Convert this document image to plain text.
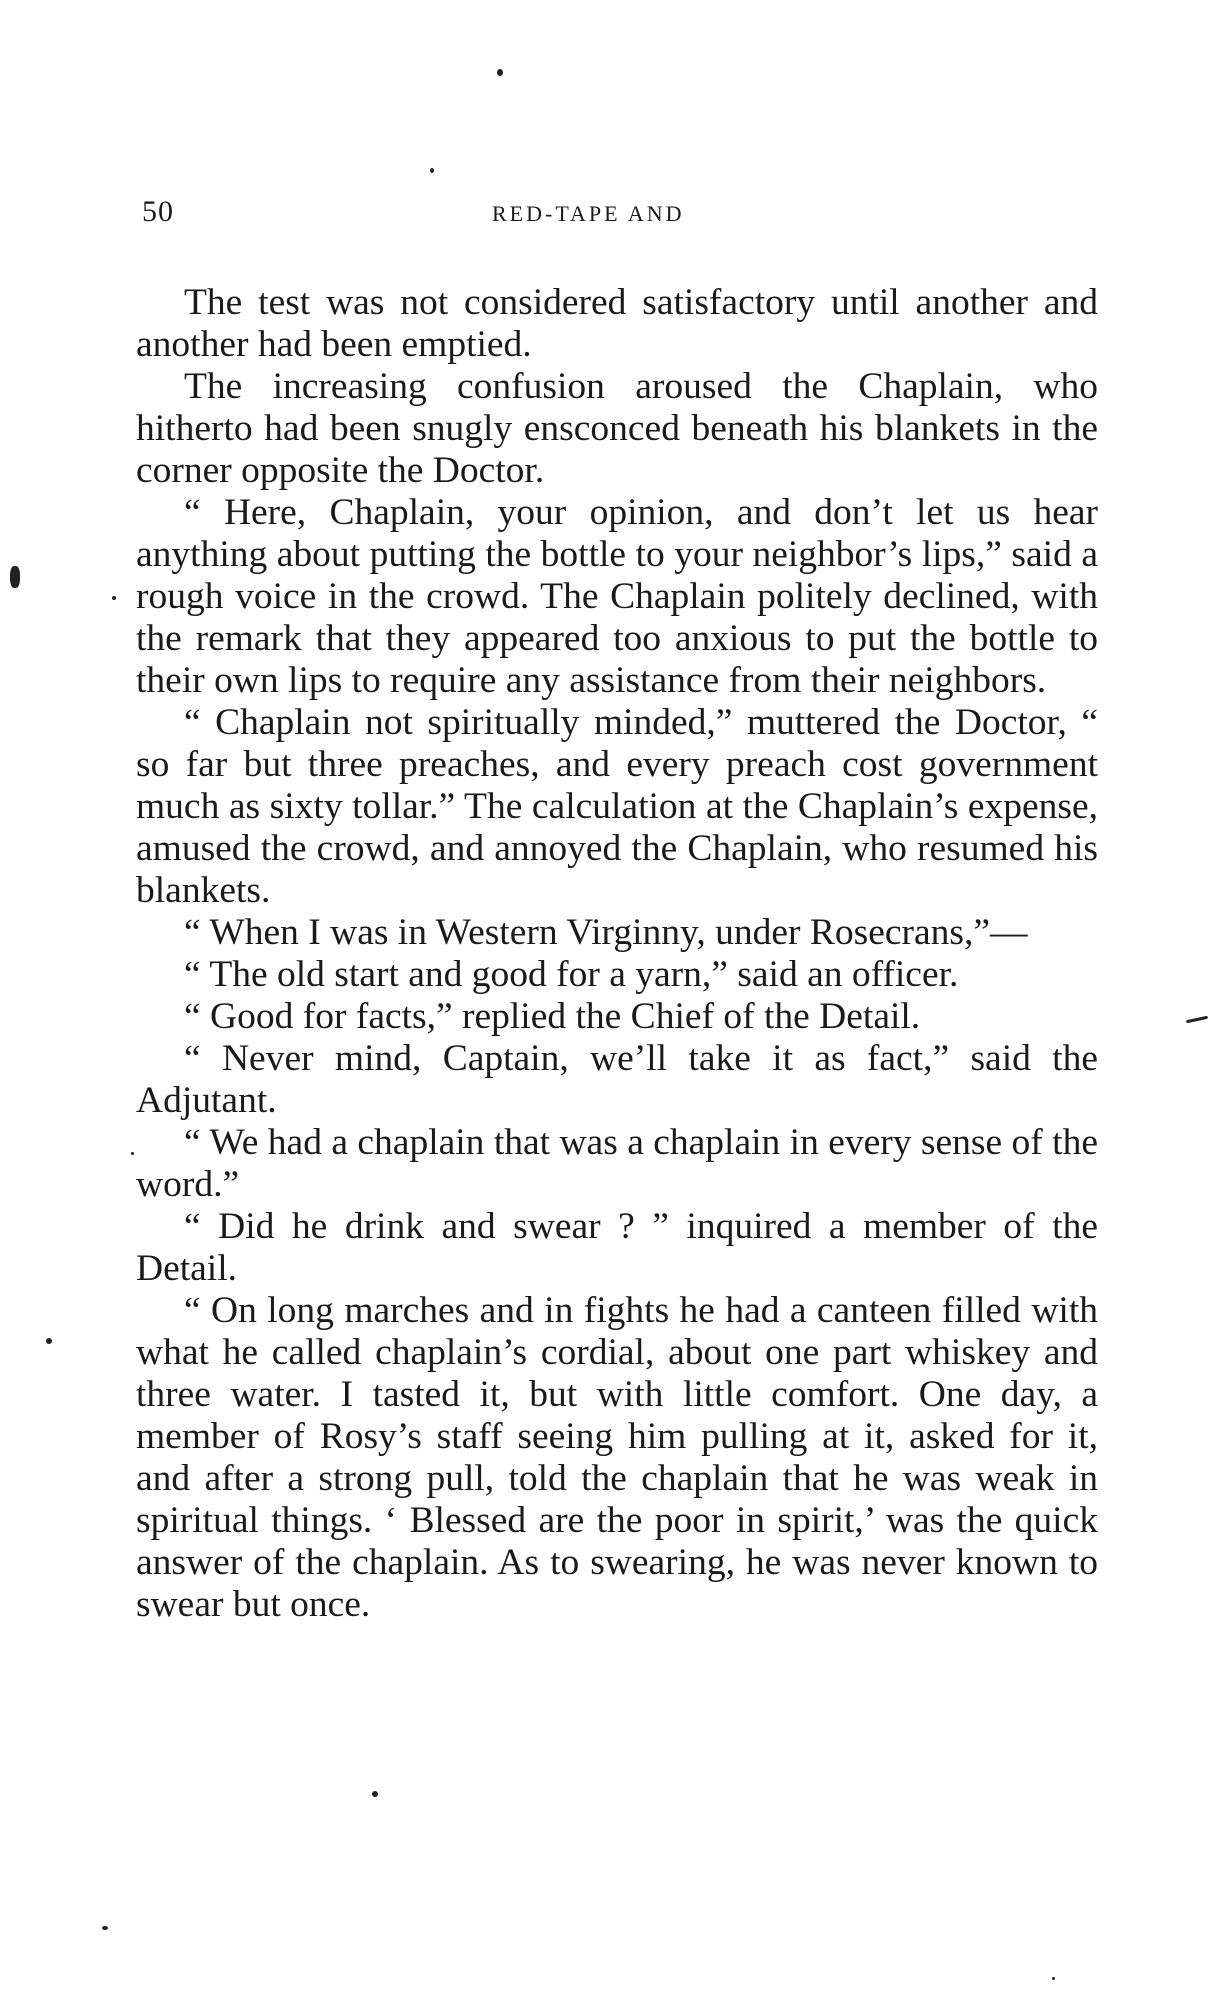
50	RED-TAPE AND

The test was not considered satisfactory until another and another had been emptied.

The increasing confusion aroused the Chaplain, who hitherto had been snugly ensconced beneath his blankets in the corner opposite the Doctor.

“ Here, Chaplain, your opinion, and don’t let us hear anything about putting the bottle to your neighbor’s lips,” said a rough voice in the crowd. The Chaplain politely declined, with the remark that they appeared too anxious to put the bottle to their own lips to require any assistance from their neighbors.

“ Chaplain not spiritually minded,” muttered the Doctor, “ so far but three preaches, and every preach cost government much as sixty tollar.” The calculation at the Chaplain’s expense, amused the crowd, and annoyed the Chaplain, who resumed his blankets.

“ When I was in Western Virginny, under Rosecrans,”—

“ The old start and good for a yarn,” said an officer.

“ Good for facts,” replied the Chief of the Detail.

“ Never mind, Captain, we’ll take it as fact,” said the Adjutant.

“ We had a chaplain that was a chaplain in every sense of the word.”

“ Did he drink and swear ? ” inquired a member of the Detail.

“ On long marches and in fights he had a canteen filled with what he called chaplain’s cordial, about one part whiskey and three water. I tasted it, but with little comfort. One day, a member of Rosy’s staff seeing him pulling at it, asked for it, and after a strong pull, told the chaplain that he was weak in spiritual things. ‘ Blessed are the poor in spirit,’ was the quick answer of the chaplain. As to swearing, he was never known to swear but once.
